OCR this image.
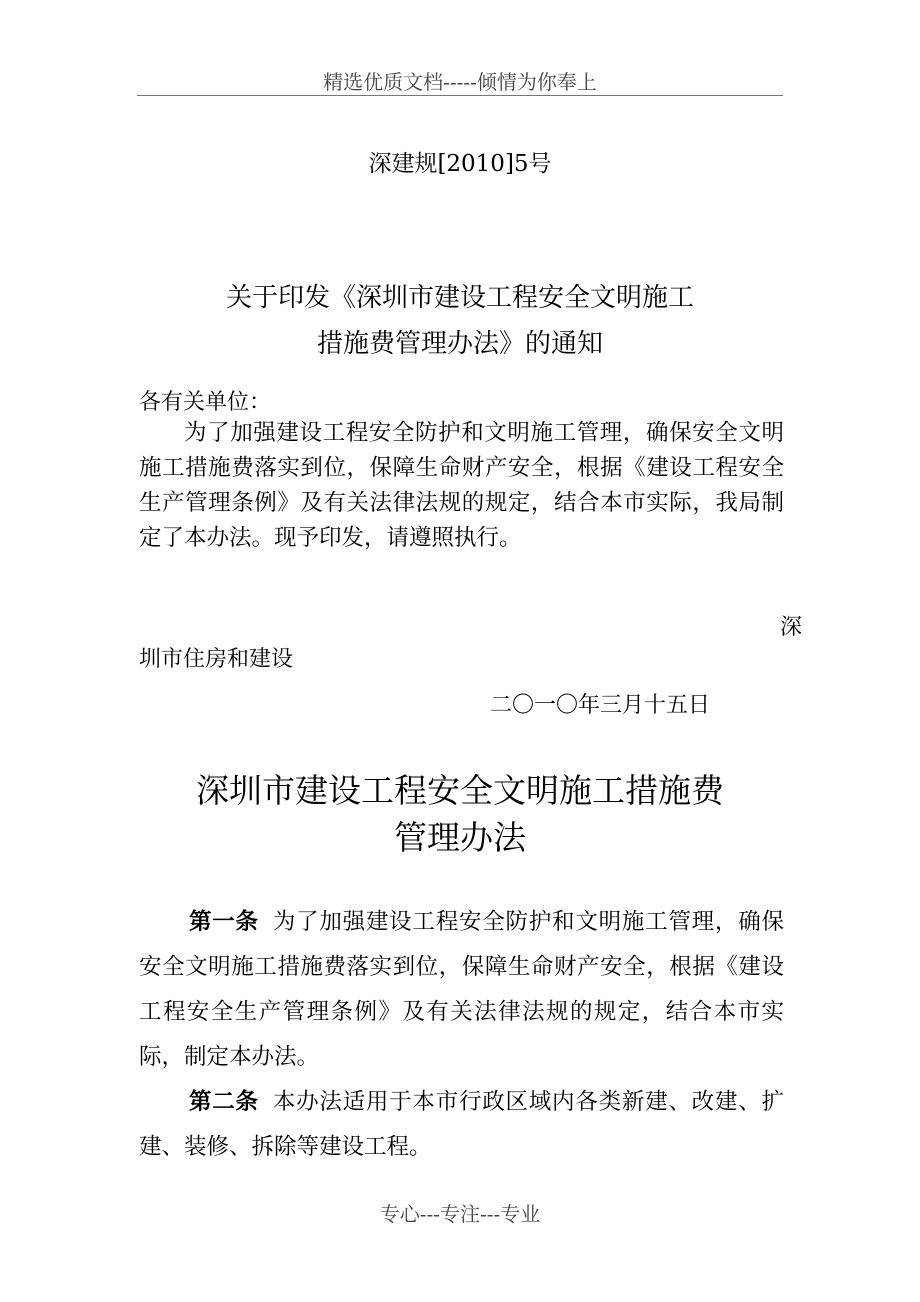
精选优质文档-----倾情为你奉上
深建规[2010]5号
关于印发《深圳市建设工程安全文明施工
措施费管理办法》的通知
各有关单位：

为了加强建设工程安全防护和文明施工管理，确保安全文明施工措施费落实到位，保障生命财产安全，根据《建设工程安全生产管理条例》及有关法律法规的规定，结合本市实际，我局制定了本办法。现予印发，请遵照执行。

深
圳市住房和建设
二〇一〇年三月十五日
深圳市建设工程安全文明施工措施费
管理办法

第一条 为了加强建设工程安全防护和文明施工管理，确保安全文明施工措施费落实到位，保障生命财产安全，根据《建设工程安全生产管理条例》及有关法律法规的规定，结合本市实际，制定本办法。

第二条 本办法适用于本市行政区域内各类新建、改建、扩建、装修、拆除等建设工程。

专心---专注---专业
